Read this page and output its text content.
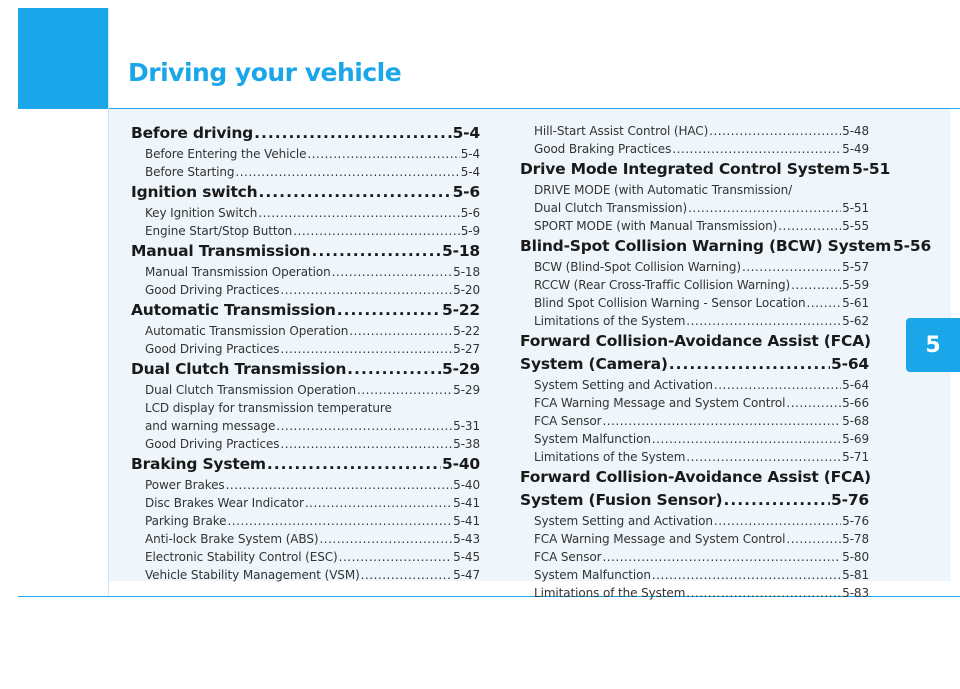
Driving your vehicle
Before driving .....	5-4
Before Entering the Vehicle .....	5-4
Before Starting .....	5-4
Ignition switch .....	5-6
Key Ignition Switch .....	5-6
Engine Start/Stop Button .....	5-9
Manual Transmission .....	5-18
Manual Transmission Operation .....	5-18
Good Driving Practices .....	5-20
Automatic Transmission .....	5-22
Automatic Transmission Operation .....	5-22
Good Driving Practices .....	5-27
Dual Clutch Transmission .....	5-29
Dual Clutch Transmission Operation .....	5-29
LCD display for transmission temperature
and warning message .....	5-31
Good Driving Practices .....	5-38
Braking System .....	5-40
Power Brakes .....	5-40
Disc Brakes Wear Indicator .....	5-41
Parking Brake .....	5-41
Anti-lock Brake System (ABS) .....	5-43
Electronic Stability Control (ESC) .....	5-45
Vehicle Stability Management (VSM) .....	5-47
Hill-Start Assist Control (HAC) .....	5-48
Good Braking Practices .....	5-49
Drive Mode Integrated Control System 5-51
DRIVE MODE (with Automatic Transmission/
Dual Clutch Transmission) .....	5-51
SPORT MODE (with Manual Transmission) .....	5-55
Blind-Spot Collision Warning (BCW) System 5-56
BCW (Blind-Spot Collision Warning) .....	5-57
RCCW (Rear Cross-Traffic Collision Warning) .....	5-59
Blind Spot Collision Warning - Sensor Location .....	5-61
Limitations of the System .....	5-62
Forward Collision-Avoidance Assist (FCA)
System (Camera) .....	5-64
System Setting and Activation .....	5-64
FCA Warning Message and System Control .....	5-66
FCA Sensor .....	5-68
System Malfunction .....	5-69
Limitations of the System .....	5-71
Forward Collision-Avoidance Assist (FCA)
System (Fusion Sensor) .....	5-76
System Setting and Activation .....	5-76
FCA Warning Message and System Control .....	5-78
FCA Sensor .....	5-80
System Malfunction .....	5-81
Limitations of the System .....	5-83
5
